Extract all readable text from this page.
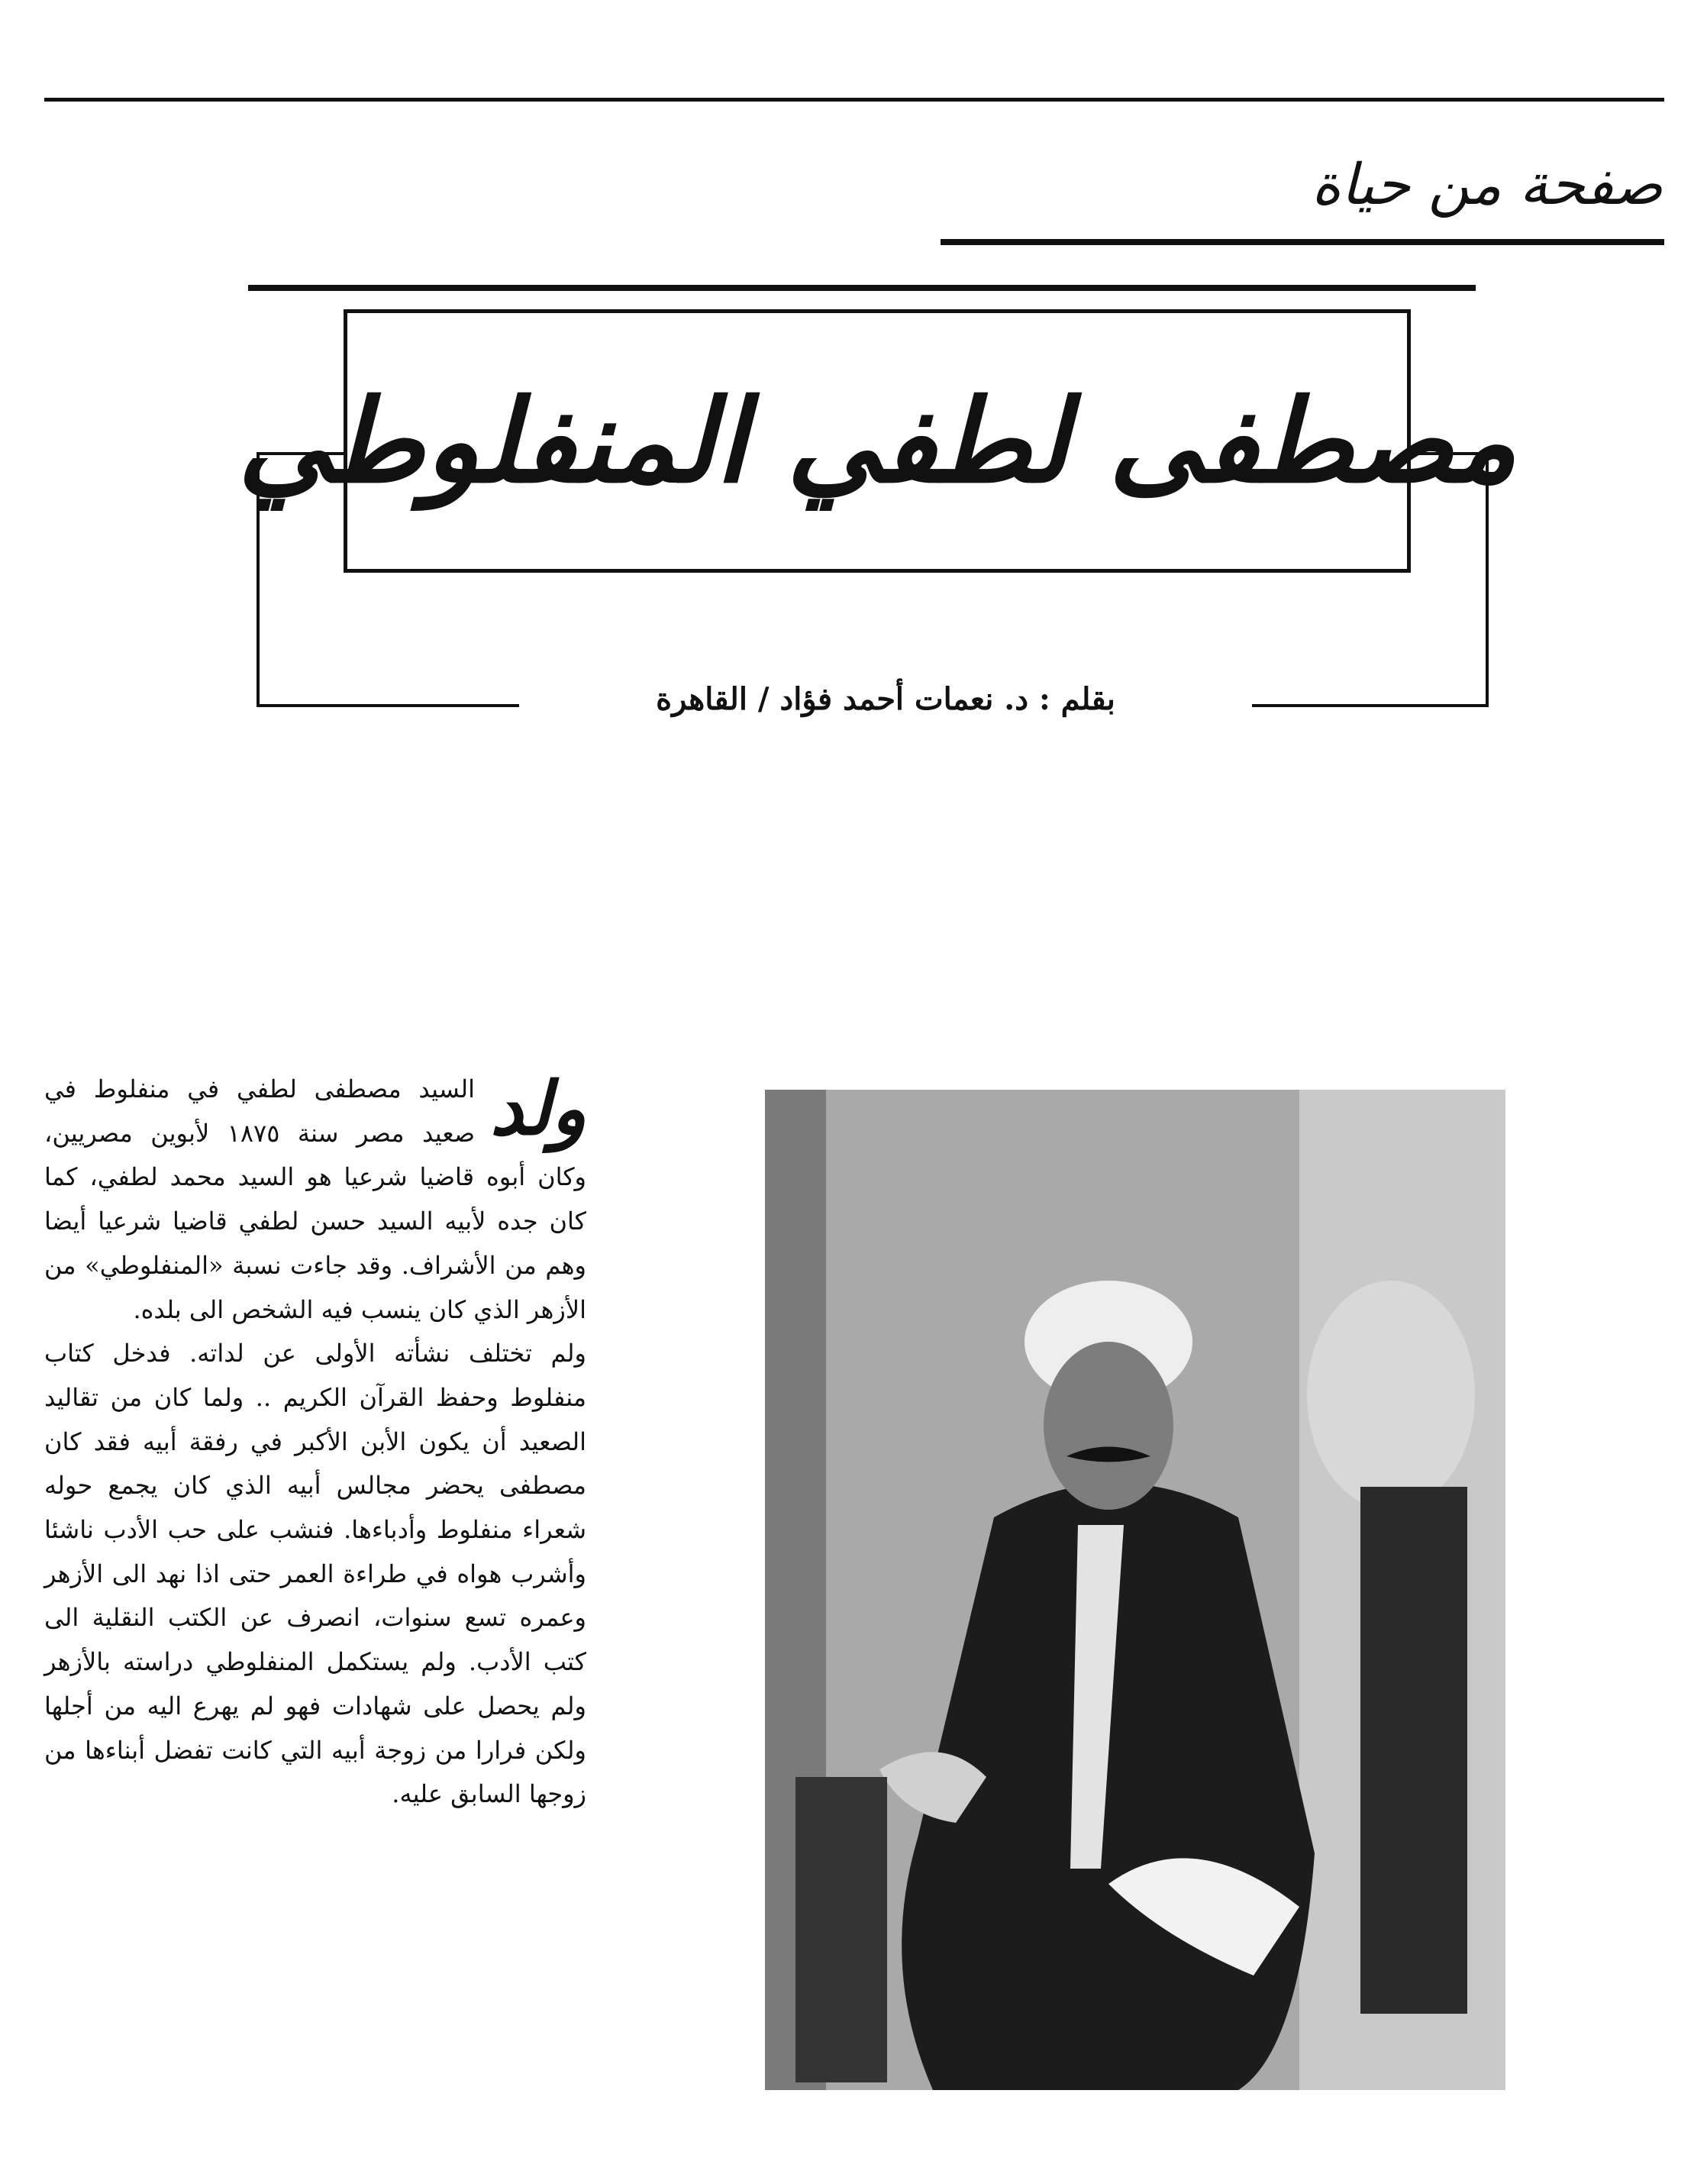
صفحة من حياة
مصطفى لطفي المنفلوطي
بقلم : د. نعمات أحمد فؤاد / القاهرة
ولد

السيد مصطفى لطفي في منفلوط في صعيد مصر سنة ١٨٧٥ لأبوين مصريين، وكان أبوه قاضيا شرعيا هو السيد محمد لطفي، كما كان جده لأبيه السيد حسن لطفي قاضيا شرعيا أيضا وهم من الأشراف. وقد جاءت نسبة «المنفلوطي» من الأزهر الذي كان ينسب فيه الشخص الى بلده.

ولم تختلف نشأته الأولى عن لداته. فدخل كتاب منفلوط وحفظ القرآن الكريم .. ولما كان من تقاليد الصعيد أن يكون الأبن الأكبر في رفقة أبيه فقد كان مصطفى يحضر مجالس أبيه الذي كان يجمع حوله شعراء منفلوط وأدباءها. فنشب على حب الأدب ناشئا وأشرب هواه في طراءة العمر حتى اذا نهد الى الأزهر وعمره تسع سنوات، انصرف عن الكتب النقلية الى كتب الأدب. ولم يستكمل المنفلوطي دراسته بالأزهر ولم يحصل على شهادات فهو لم يهرع اليه من أجلها ولكن فرارا من زوجة أبيه التي كانت تفضل أبناءها من زوجها السابق عليه.
